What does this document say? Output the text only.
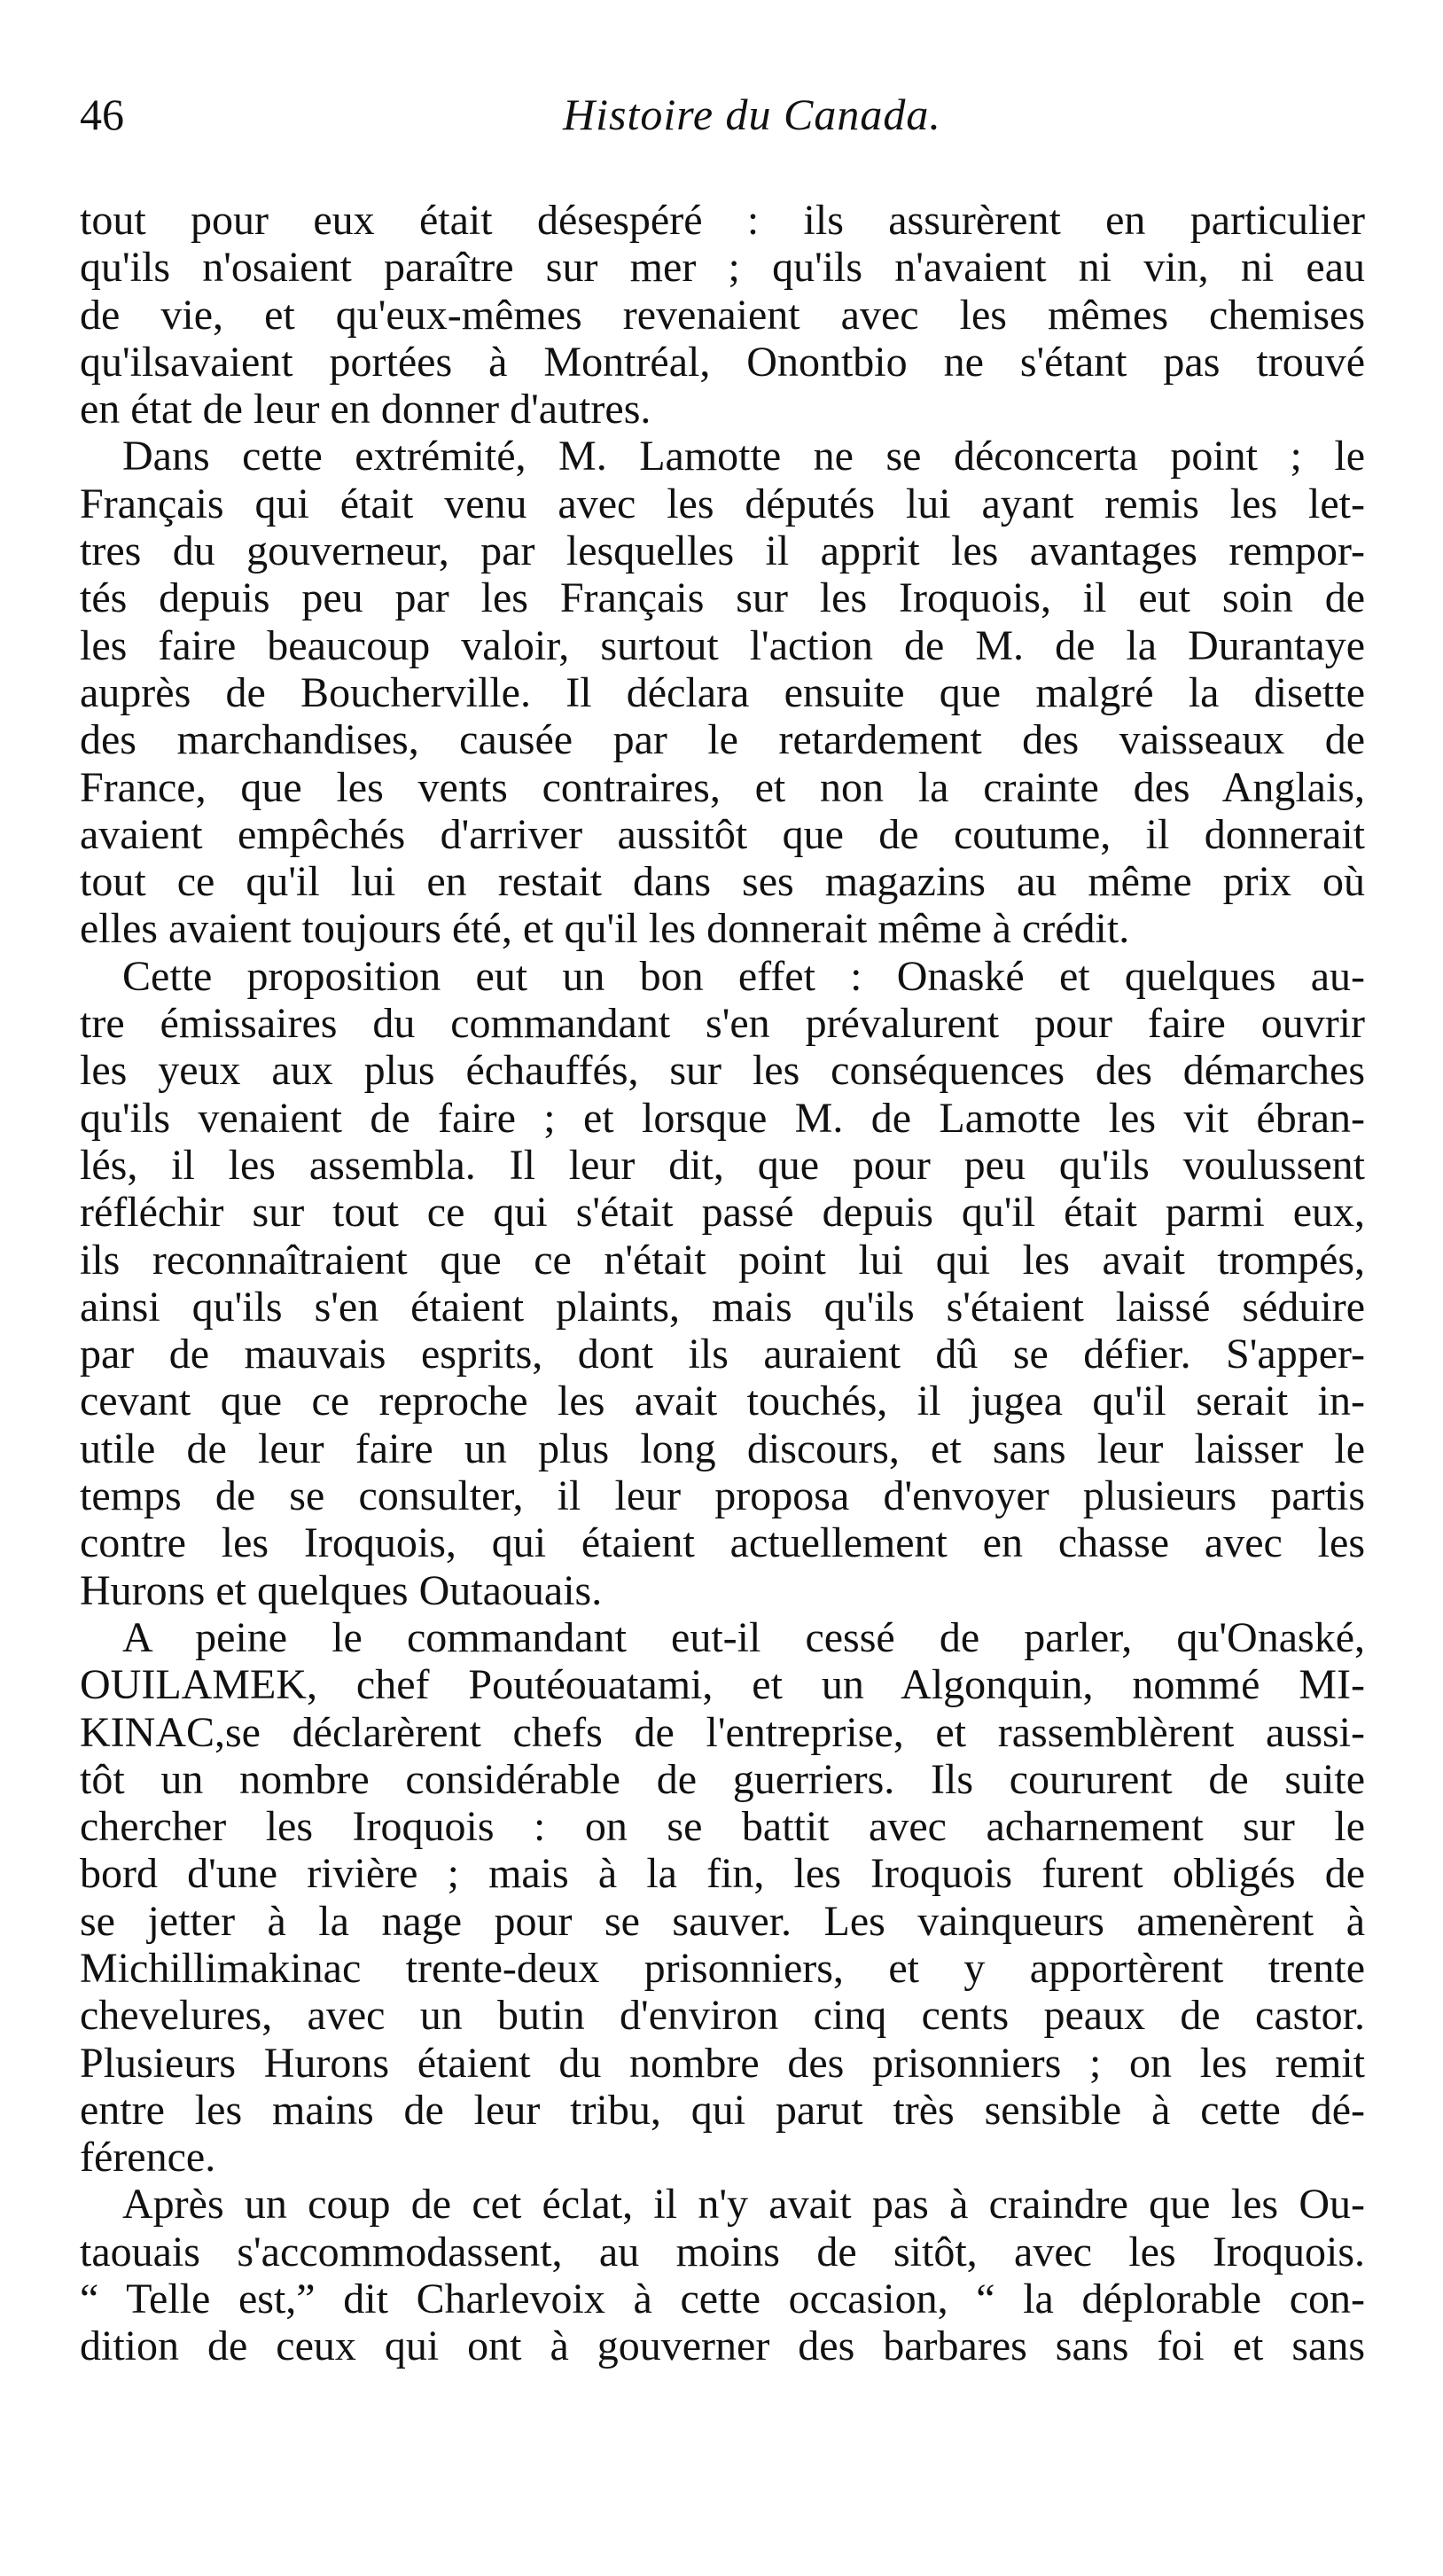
46	Histoire du Canada.
tout pour eux était désespéré : ils assurèrent en particulier
qu'ils n'osaient paraître sur mer ; qu'ils n'avaient ni vin, ni eau
de vie, et qu'eux-mêmes revenaient avec les mêmes chemises
qu'ilsavaient portées à Montréal, Onontbio ne s'étant pas trouvé
en état de leur en donner d'autres.
Dans cette extrémité, M. Lamotte ne se déconcerta point ; le
Français qui était venu avec les députés lui ayant remis les let-
tres du gouverneur, par lesquelles il apprit les avantages rempor-
tés depuis peu par les Français sur les Iroquois, il eut soin de
les faire beaucoup valoir, surtout l'action de M. de la Durantaye
auprès de Boucherville. Il déclara ensuite que malgré la disette
des marchandises, causée par le retardement des vaisseaux de
France, que les vents contraires, et non la crainte des Anglais,
avaient empêchés d'arriver aussitôt que de coutume, il donnerait
tout ce qu'il lui en restait dans ses magazins au même prix où
elles avaient toujours été, et qu'il les donnerait même à crédit.
Cette proposition eut un bon effet : Onaské et quelques au-
tre émissaires du commandant s'en prévalurent pour faire ouvrir
les yeux aux plus échauffés, sur les conséquences des démarches
qu'ils venaient de faire ; et lorsque M. de Lamotte les vit ébran-
lés, il les assembla. Il leur dit, que pour peu qu'ils voulussent
réfléchir sur tout ce qui s'était passé depuis qu'il était parmi eux,
ils reconnaîtraient que ce n'était point lui qui les avait trompés,
ainsi qu'ils s'en étaient plaints, mais qu'ils s'étaient laissé séduire
par de mauvais esprits, dont ils auraient dû se défier. S'apper-
cevant que ce reproche les avait touchés, il jugea qu'il serait in-
utile de leur faire un plus long discours, et sans leur laisser le
temps de se consulter, il leur proposa d'envoyer plusieurs partis
contre les Iroquois, qui étaient actuellement en chasse avec les
Hurons et quelques Outaouais.
A peine le commandant eut-il cessé de parler, qu'Onaské,
OUILAMEK, chef Poutéouatami, et un Algonquin, nommé MI-
KINAC,se déclarèrent chefs de l'entreprise, et rassemblèrent aussi-
tôt un nombre considérable de guerriers. Ils coururent de suite
chercher les Iroquois : on se battit avec acharnement sur le
bord d'une rivière ; mais à la fin, les Iroquois furent obligés de
se jetter à la nage pour se sauver. Les vainqueurs amenèrent à
Michillimakinac trente-deux prisonniers, et y apportèrent trente
chevelures, avec un butin d'environ cinq cents peaux de castor.
Plusieurs Hurons étaient du nombre des prisonniers ; on les remit
entre les mains de leur tribu, qui parut très sensible à cette dé-
férence.
Après un coup de cet éclat, il n'y avait pas à craindre que les Ou-
taouais s'accommodassent, au moins de sitôt, avec les Iroquois.
“ Telle est,” dit Charlevoix à cette occasion, “ la déplorable con-
dition de ceux qui ont à gouverner des barbares sans foi et sans
